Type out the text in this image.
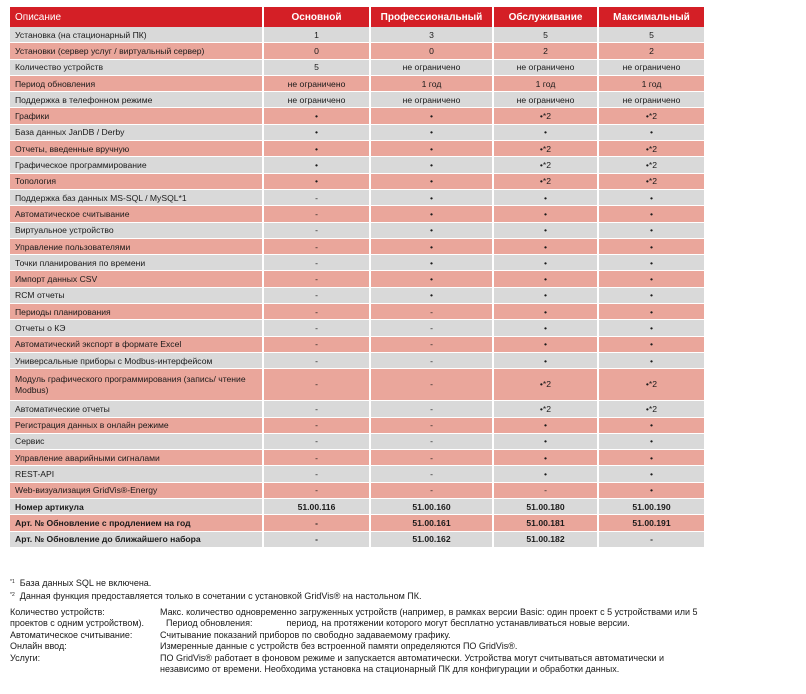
Описание	Основной	Профессиональный	Обслуживание	Максимальный
Установка (на стационарный ПК)	1	3	5	5
Установки (сервер услуг / виртуальный сервер)	0	0	2	2
Количество устройств	5	не ограничено	не ограничено	не ограничено
Период обновления	не ограничено	1 год	1 год	1 год
Поддержка в телефонном режиме	не ограничено	не ограничено	не ограничено	не ограничено
Графики	•	•	•*2	•*2
База данных JanDB / Derby	•	•	•	•
Отчеты, введенные вручную	•	•	•*2	•*2
Графическое программирование	•	•	•*2	•*2
Топология	•	•	•*2	•*2
Поддержка баз данных MS-SQL / MySQL*1	-	•	•	•
Автоматическое считывание	-	•	•	•
Виртуальное устройство	-	•	•	•
Управление пользователями	-	•	•	•
Точки планирования по времени	-	•	•	•
Импорт данных CSV	-	•	•	•
RCM отчеты	-	•	•	•
Периоды планирования	-	-	•	•
Отчеты о КЭ	-	-	•	•
Автоматический экспорт в формате Excel	-	-	•	•
Универсальные приборы с Modbus-интерфейсом	-	-	•	•
Модуль графического программирования (запись/ чтение Modbus)	-	-	•*2	•*2
Автоматические отчеты	-	-	•*2	•*2
Регистрация данных в онлайн режиме	-	-	•	•
Сервис	-	-	•	•
Управление аварийными сигналами	-	-	•	•
REST-API	-	-	•	•
Web-визуализация GridVis®-Energy	-	-	-	•
Номер артикула	51.00.116	51.00.160	51.00.180	51.00.190
Арт. № Обновление с продлением на год	-	51.00.161	51.00.181	51.00.191
Арт. № Обновление до ближайшего набора	-	51.00.162	51.00.182	-
$^{*1}$ База данных SQL не включена.
$^{*2}$ Данная функция предоставляется только в сочетании с установкой GridVis® на настольном ПК.
Количество устройств:	Макс. количество одновременно загруженных устройств (например, в рамках версии Basic: один проект с 5 устройствами или 5
проектов с одним устройством). Период обновления:	период, на протяжении которого могут бесплатно устанавливаться новые версии.
Автоматическое считывание:	Считывание показаний приборов по свободно задаваемому графику.
Онлайн ввод:	Измеренные данные с устройств без встроенной памяти определяются ПО GridVis®.
Услуги:	ПО GridVis® работает в фоновом режиме и запускается автоматически. Устройства могут считываться автоматически и
независимо от времени. Необходима установка на стационарный ПК для конфигурации и обработки данных.
